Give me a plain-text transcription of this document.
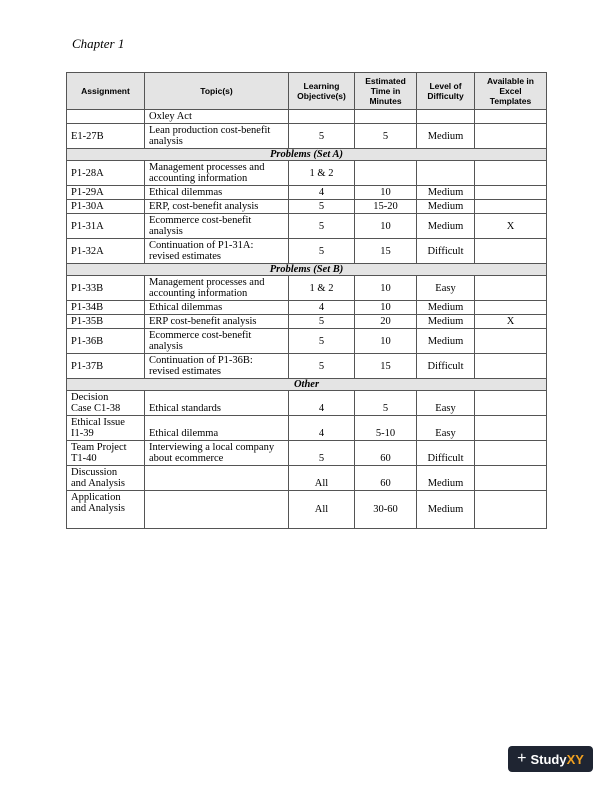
Chapter 1
Assignment	Topic(s)	Learning Objective(s)	Estimated Time in Minutes	Level of Difficulty	Available in Excel Templates
	Oxley Act				
E1-27B	Lean production cost-benefit analysis	5	5	Medium	
Problems (Set A)					
P1-28A	Management processes and accounting information	1 & 2			
P1-29A	Ethical dilemmas	4	10	Medium	
P1-30A	ERP, cost-benefit analysis	5	15-20	Medium	
P1-31A	Ecommerce cost-benefit analysis	5	10	Medium	X
P1-32A	Continuation of P1-31A: revised estimates	5	15	Difficult	
Problems (Set B)					
P1-33B	Management processes and accounting information	1 & 2	10	Easy	
P1-34B	Ethical dilemmas	4	10	Medium	
P1-35B	ERP cost-benefit analysis	5	20	Medium	X
P1-36B	Ecommerce cost-benefit analysis	5	10	Medium	
P1-37B	Continuation of P1-36B: revised estimates	5	15	Difficult	
Other					

Decision Case C1-38	Ethical standards	4	5	Easy	

Ethical Issue I1-39	Ethical dilemma	4	5-10	Easy	

Team Project T1-40	Interviewing a local company about ecommerce	5	60	Difficult	

Discussion and Analysis		All	60	Medium	

Application and Analysis		All	30-60	Medium	
+ StudyXY
